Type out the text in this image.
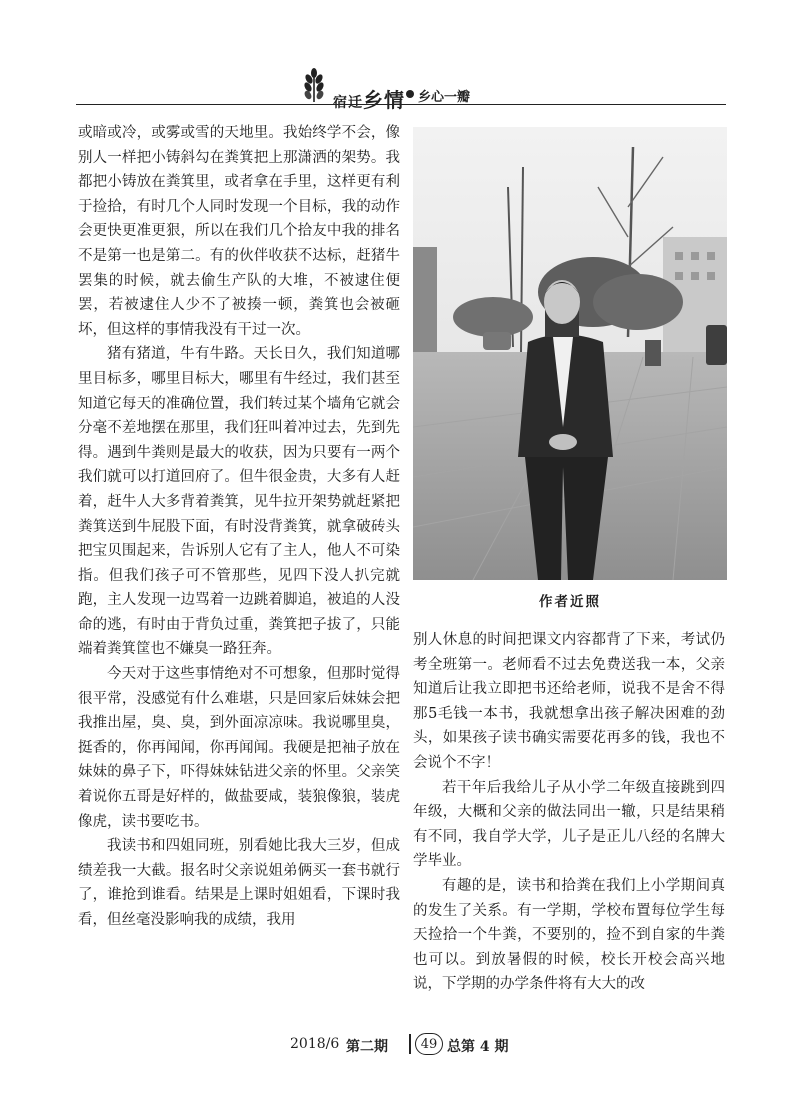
宿迁乡情 乡心一瓣

或暗或冷，或雾或雪的天地里。我始终学不会，像别人一样把小铸斜勾在粪箕把上那潇洒的架势。我都把小铸放在粪箕里，或者拿在手里，这样更有利于捡拾，有时几个人同时发现一个目标，我的动作会更快更准更狠，所以在我们几个拾友中我的排名不是第一也是第二。有的伙伴收获不达标，赶猪牛罢集的时候，就去偷生产队的大堆，不被逮住便罢，若被逮住人少不了被揍一顿，粪箕也会被砸坏，但这样的事情我没有干过一次。

猪有猪道，牛有牛路。天长日久，我们知道哪里目标多，哪里目标大，哪里有牛经过，我们甚至知道它每天的准确位置，我们转过某个墙角它就会分毫不差地摆在那里，我们狂叫着冲过去，先到先得。遇到牛粪则是最大的收获，因为只要有一两个我们就可以打道回府了。但牛很金贵，大多有人赶着，赶牛人大多背着粪箕，见牛拉开架势就赶紧把粪箕送到牛屁股下面，有时没背粪箕，就拿破砖头把宝贝围起来，告诉别人它有了主人，他人不可染指。但我们孩子可不管那些，见四下没人扒完就跑，主人发现一边骂着一边跳着脚追，被追的人没命的逃，有时由于背负过重，粪箕把子拔了，只能端着粪箕筐也不嫌臭一路狂奔。

今天对于这些事情绝对不可想象，但那时觉得很平常，没感觉有什么难堪，只是回家后妹妹会把我推出屋，臭、臭，到外面凉凉味。我说哪里臭，挺香的，你再闻闻，你再闻闻。我硬是把袖子放在妹妹的鼻子下，吓得妹妹钻进父亲的怀里。父亲笑着说你五哥是好样的，做盐要咸，装狼像狼，装虎像虎，读书要吃书。

我读书和四姐同班，别看她比我大三岁，但成绩差我一大截。报名时父亲说姐弟俩买一套书就行了，谁抢到谁看。结果是上课时姐姐看，下课时我看，但丝毫没影响我的成绩，我用

作者近照

别人休息的时间把课文内容都背了下来，考试仍考全班第一。老师看不过去免费送我一本，父亲知道后让我立即把书还给老师，说我不是舍不得那5毛钱一本书，我就想拿出孩子解决困难的劲头，如果孩子读书确实需要花再多的钱，我也不会说个不字！

若干年后我给儿子从小学二年级直接跳到四年级，大概和父亲的做法同出一辙，只是结果稍有不同，我自学大学，儿子是正儿八经的名牌大学毕业。

有趣的是，读书和拾粪在我们上小学期间真的发生了关系。有一学期，学校布置每位学生每天捡拾一个牛粪，不要别的，捡不到自家的牛粪也可以。到放暑假的时候，校长开校会高兴地说，下学期的办学条件将有大大的改

2018/6 第二期	49 总第 4 期
